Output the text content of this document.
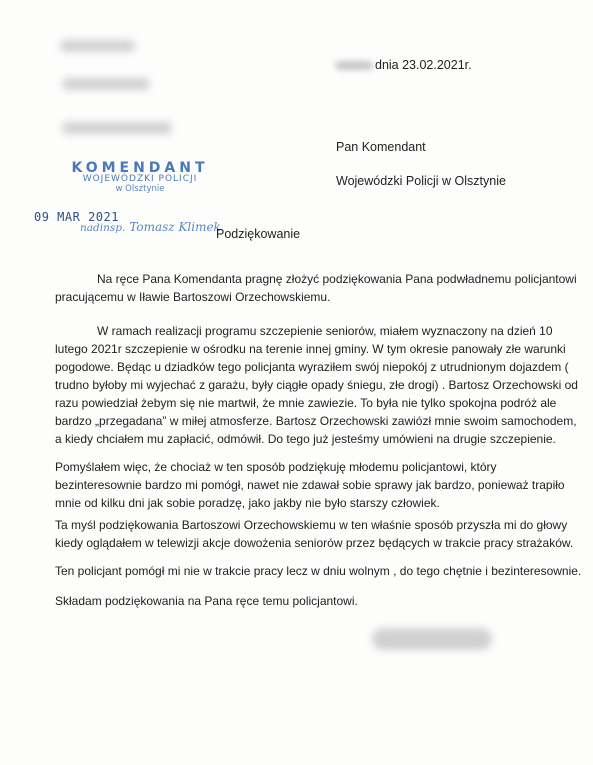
dnia 23.02.2021r.
Pan Komendant
Wojewódzki Policji w Olsztynie
KOMENDANT
WOJEWÓDZKI POLICJI
w Olsztynie
09 MAR 2021
nadinsp. Tomasz Klimek
Podziękowanie

Na ręce Pana Komendanta pragnę złożyć podziękowania Pana podwładnemu policjantowi pracującemu w Iławie Bartoszowi Orzechowskiemu.

W ramach realizacji programu szczepienie seniorów, miałem wyznaczony na dzień 10 lutego 2021r szczepienie w ośrodku na terenie innej gminy. W tym okresie panowały złe warunki pogodowe. Będąc u dziadków tego policjanta wyraziłem swój niepokój z utrudnionym dojazdem ( trudno byłoby mi wyjechać z garażu, były ciągłe opady śniegu, złe drogi) . Bartosz Orzechowski od razu powiedział żebym się nie martwił, że mnie zawiezie. To była nie tylko spokojna podróż ale bardzo „przegadana” w miłej atmosferze. Bartosz Orzechowski zawiózł mnie swoim samochodem, a kiedy chciałem mu zapłacić, odmówił. Do tego już jesteśmy umówieni na drugie szczepienie.

Pomyślałem więc, że chociaż w ten sposób podziękuję młodemu policjantowi, który bezinteresownie bardzo mi pomógł, nawet nie zdawał sobie sprawy jak bardzo, ponieważ trapiło mnie od kilku dni jak sobie poradzę, jako jakby nie było starszy człowiek.

Ta myśl podziękowania Bartoszowi Orzechowskiemu w ten właśnie sposób przyszła mi do głowy kiedy oglądałem w telewizji akcje dowożenia seniorów przez będących w trakcie pracy strażaków.

Ten policjant pomógł mi nie w trakcie pracy lecz w dniu wolnym , do tego chętnie i bezinteresownie.

Składam podziękowania na Pana ręce temu policjantowi.
